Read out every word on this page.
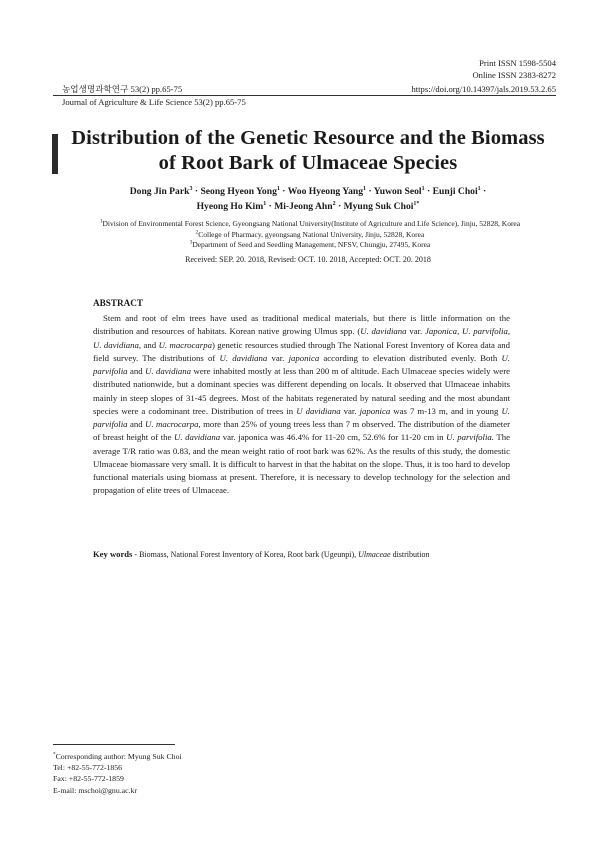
Print ISSN 1598-5504
Online ISSN 2383-8272
https://doi.org/10.14397/jals.2019.53.2.65
농업생명과학연구 53(2) pp.65-75
Journal of Agriculture & Life Science 53(2) pp.65-75
Distribution of the Genetic Resource and the Biomass
of Root Bark of Ulmaceae Species
Dong Jin Park$^3$ · Seong Hyeon Yong$^1$ · Woo Hyeong Yang$^1$ · Yuwon Seol$^1$ · Eunji Choi$^1$ ·
Hyeong Ho Kim$^1$ · Mi-Jeong Ahn$^2$ · Myung Suk Choi$^{1*}$
$^1$Division of Environmental Forest Science, Gyeongsang National University(Institute of Agriculture and Life Science), Jinju, 52828, Korea
$^2$College of Pharmacy, gyeongsang National University, Jinju, 52828, Korea
$^3$Department of Seed and Seedling Management, NFSV, Chungju, 27495, Korea
Received: SEP. 20. 2018, Revised: OCT. 10. 2018, Accepted: OCT. 20. 2018
ABSTRACT

Stem and root of elm trees have used as traditional medical materials, but there is little information on the distribution and resources of habitats. Korean native growing Ulmus spp. (U. davidiana var. Japonica, U. parvifolia, U. davidiana, and U. macrocarpa) genetic resources studied through The National Forest Inventory of Korea data and field survey. The distributions of U. davidiana var. japonica according to elevation distributed evenly. Both U. parvifolia and U. davidiana were inhabited mostly at less than 200 m of altitude. Each Ulmaceae species widely were distributed nationwide, but a dominant species was different depending on locals. It observed that Ulmaceae inhabits mainly in steep slopes of 31-45 degrees. Most of the habitats regenerated by natural seeding and the most abundant species were a codominant tree. Distribution of trees in U davidiana var. japonica was 7 m-13 m, and in young U. parvifolia and U. macrocarpa, more than 25% of young trees less than 7 m observed. The distribution of the diameter of breast height of the U. davidiana var. japonica was 46.4% for 11-20 cm, 52.6% for 11-20 cm in U. parvifolia. The average T/R ratio was 0.83, and the mean weight ratio of root bark was 62%. As the results of this study, the domestic Ulmaceae biomassare very small. It is difficult to harvest in that the habitat on the slope. Thus, it is too hard to develop functional materials using biomass at present. Therefore, it is necessary to develop technology for the selection and propagation of elite trees of Ulmaceae.

Key words - Biomass, National Forest Inventory of Korea, Root bark (Ugeunpi), Ulmaceae distribution
*Corresponding author: Myung Suk Choi
Tel: +82-55-772-1856
Fax: +82-55-772-1859
E-mail: mschoi@gnu.ac.kr
